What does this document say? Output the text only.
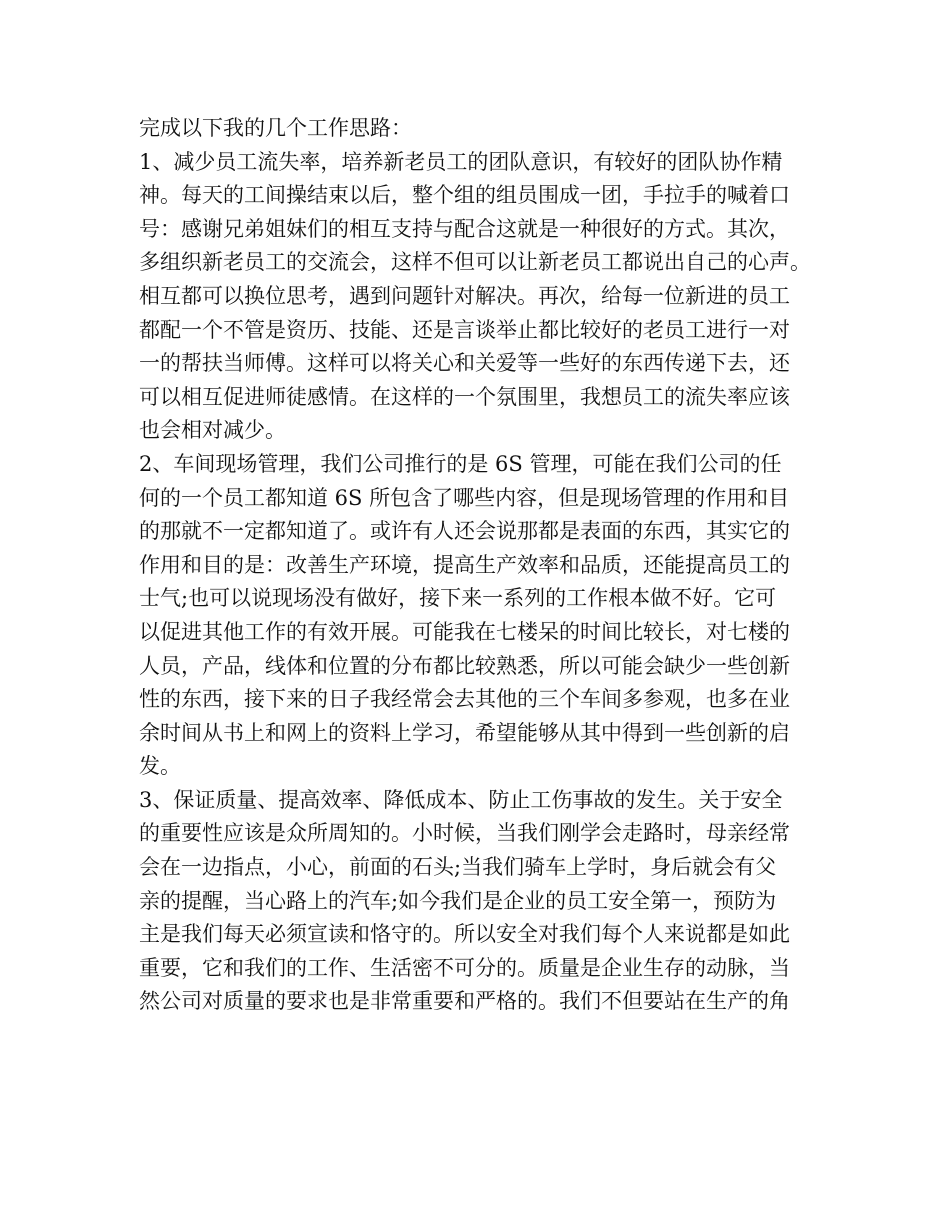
完成以下我的几个工作思路：
1、减少员工流失率，培养新老员工的团队意识，有较好的团队协作精
神。每天的工间操结束以后，整个组的组员围成一团，手拉手的喊着口
号：感谢兄弟姐妹们的相互支持与配合这就是一种很好的方式。其次，
多组织新老员工的交流会，这样不但可以让新老员工都说出自己的心声。
相互都可以换位思考，遇到问题针对解决。再次，给每一位新进的员工
都配一个不管是资历、技能、还是言谈举止都比较好的老员工进行一对
一的帮扶当师傅。这样可以将关心和关爱等一些好的东西传递下去，还
可以相互促进师徒感情。在这样的一个氛围里，我想员工的流失率应该
也会相对减少。
2、车间现场管理，我们公司推行的是 6S 管理，可能在我们公司的任
何的一个员工都知道 6S 所包含了哪些内容，但是现场管理的作用和目
的那就不一定都知道了。或许有人还会说那都是表面的东西，其实它的
作用和目的是：改善生产环境，提高生产效率和品质，还能提高员工的
士气;也可以说现场没有做好，接下来一系列的工作根本做不好。它可
以促进其他工作的有效开展。可能我在七楼呆的时间比较长，对七楼的
人员，产品，线体和位置的分布都比较熟悉，所以可能会缺少一些创新
性的东西，接下来的日子我经常会去其他的三个车间多参观，也多在业
余时间从书上和网上的资料上学习，希望能够从其中得到一些创新的启
发。
3、保证质量、提高效率、降低成本、防止工伤事故的发生。关于安全
的重要性应该是众所周知的。小时候，当我们刚学会走路时，母亲经常
会在一边指点，小心，前面的石头;当我们骑车上学时，身后就会有父
亲的提醒，当心路上的汽车;如今我们是企业的员工安全第一，预防为
主是我们每天必须宣读和恪守的。所以安全对我们每个人来说都是如此
重要，它和我们的工作、生活密不可分的。质量是企业生存的动脉，当
然公司对质量的要求也是非常重要和严格的。我们不但要站在生产的角
